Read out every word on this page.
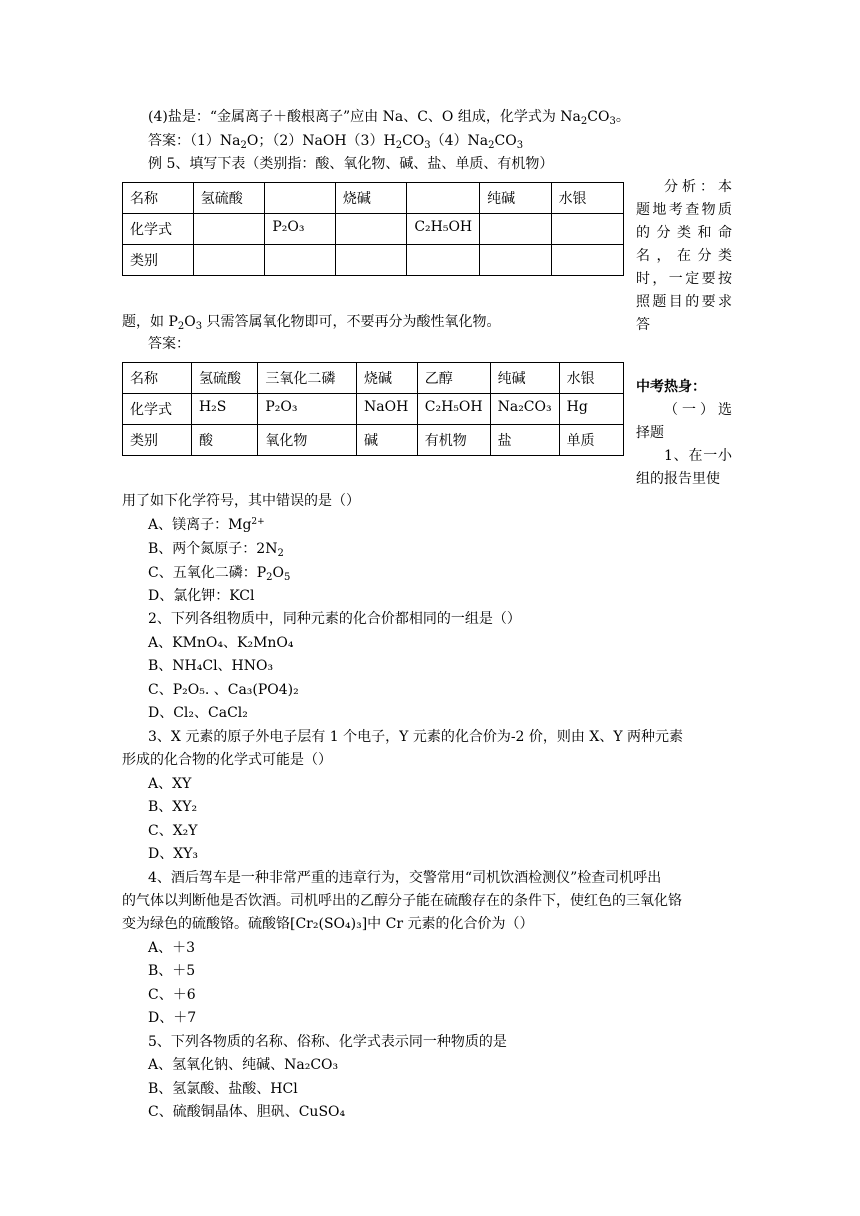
(4)盐是：“金属离子＋酸根离子”应由 Na、C、O 组成，化学式为 $Na_2CO_3$。
答案：$(1)Na_2O$；$(2)NaOH(3)H_2CO_3(4)Na_2CO_3$
例 5、填写下表（类别指：酸、氧化物、碱、盐、单质、有机物）
名称	氢硫酸		烧碱		纯碱	水银
化学式		P₂O₃		C₂H₅OH		
类别						
分析：本题地考查物质的分类和命名，在分类时，一定要按照题目的要求答
题，如 $P_2O_3$ 只需答属氧化物即可，不要再分为酸性氧化物。
答案：
名称	氢硫酸	三氧化二磷	烧碱	乙醇	纯碱	水银
化学式	H₂S	P₂O₃	NaOH	C₂H₅OH	Na₂CO₃	Hg
类别	酸	氧化物	碱	有机物	盐	单质
中考热身：
（一）选择题
1、在一小组的报告里使
用了如下化学符号，其中错误的是（）
A、镁离子：$Mg^{2+}$
B、两个氮原子：$2N_2$
C、五氧化二磷：$P_2O_5$
D、氯化钾：KCl
2、下列各组物质中，同种元素的化合价都相同的一组是（）
A、KMnO₄、K₂MnO₄
B、NH₄Cl、HNO₃
C、P₂O₅. 、Ca₃(PO4)₂
D、Cl₂、CaCl₂
3、X 元素的原子外电子层有 1 个电子，Y 元素的化合价为-2 价，则由 X、Y 两种元素
形成的化合物的化学式可能是（）
A、XY
B、XY₂
C、X₂Y
D、XY₃
4、酒后驾车是一种非常严重的违章行为，交警常用“司机饮酒检测仪”检查司机呼出
的气体以判断他是否饮酒。司机呼出的乙醇分子能在硫酸存在的条件下，使红色的三氧化铬
变为绿色的硫酸铬。硫酸铬[Cr₂(SO₄)₃]中 Cr 元素的化合价为（）
A、＋3
B、＋5
C、＋6
D、＋7
5、下列各物质的名称、俗称、化学式表示同一种物质的是
A、氢氧化钠、纯碱、Na₂CO₃
B、氢氯酸、盐酸、HCl
C、硫酸铜晶体、胆矾、CuSO₄
